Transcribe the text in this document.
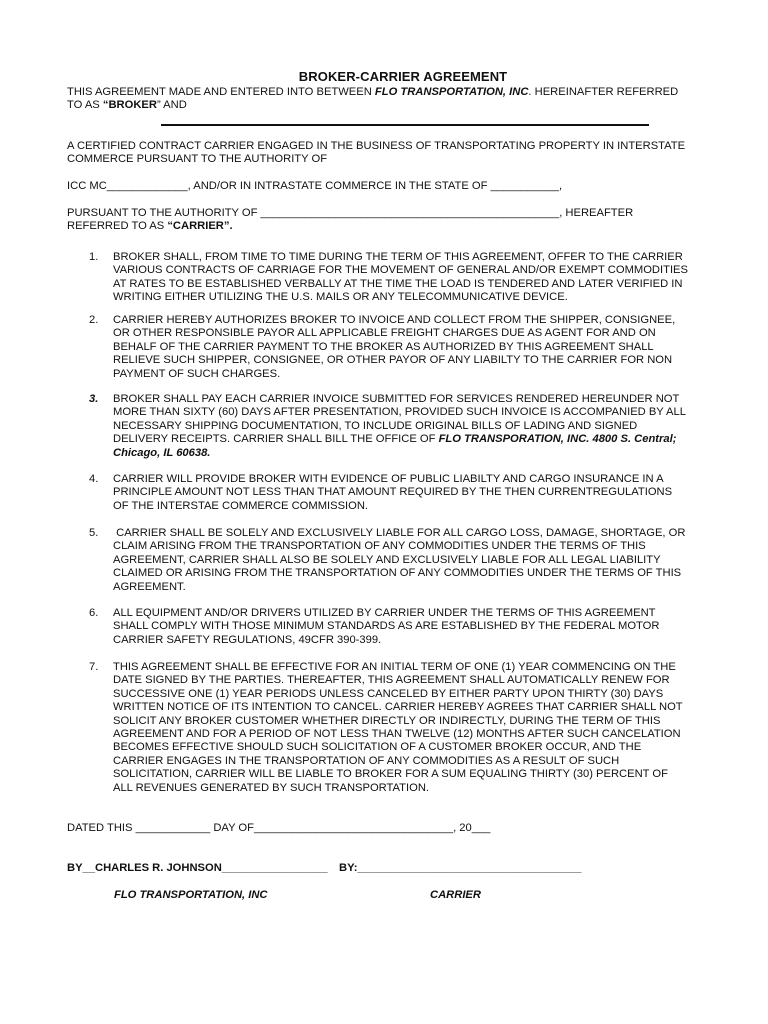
BROKER-CARRIER AGREEMENT
THIS AGREEMENT MADE AND ENTERED INTO BETWEEN FLO TRANSPORTATION, INC. HEREINAFTER REFERRED
TO AS “BROKER” AND
A CERTIFIED CONTRACT CARRIER ENGAGED IN THE BUSINESS OF TRANSPORTATING PROPERTY IN INTERSTATE
COMMERCE PURSUANT TO THE AUTHORITY OF
ICC MC_____________, AND/OR IN INTRASTATE COMMERCE IN THE STATE OF ___________,
PURSUANT TO THE AUTHORITY OF ________________________________________________, HEREAFTER
REFERRED TO AS “CARRIER”.
1.	BROKER SHALL, FROM TIME TO TIME DURING THE TERM OF THIS AGREEMENT, OFFER TO THE CARRIER
VARIOUS CONTRACTS OF CARRIAGE FOR THE MOVEMENT OF GENERAL AND/OR EXEMPT COMMODITIES
AT RATES TO BE ESTABLISHED VERBALLY AT THE TIME THE LOAD IS TENDERED AND LATER VERIFIED IN
WRITING EITHER UTILIZING THE U.S. MAILS OR ANY TELECOMMUNICATIVE DEVICE.
2.	CARRIER HEREBY AUTHORIZES BROKER TO INVOICE AND COLLECT FROM THE SHIPPER, CONSIGNEE,
OR OTHER RESPONSIBLE PAYOR ALL APPLICABLE FREIGHT CHARGES DUE AS AGENT FOR AND ON
BEHALF OF THE CARRIER PAYMENT TO THE BROKER AS AUTHORIZED BY THIS AGREEMENT SHALL
RELIEVE SUCH SHIPPER, CONSIGNEE, OR OTHER PAYOR OF ANY LIABILTY TO THE CARRIER FOR NON
PAYMENT OF SUCH CHARGES.
3.	BROKER SHALL PAY EACH CARRIER INVOICE SUBMITTED FOR SERVICES RENDERED HEREUNDER NOT
MORE THAN SIXTY (60) DAYS AFTER PRESENTATION, PROVIDED SUCH INVOICE IS ACCOMPANIED BY ALL
NECESSARY SHIPPING DOCUMENTATION, TO INCLUDE ORIGINAL BILLS OF LADING AND SIGNED
DELIVERY RECEIPTS. CARRIER SHALL BILL THE OFFICE OF FLO TRANSPORATION, INC. 4800 S. Central;
Chicago, IL 60638.
4.	CARRIER WILL PROVIDE BROKER WITH EVIDENCE OF PUBLIC LIABILTY AND CARGO INSURANCE IN A
PRINCIPLE AMOUNT NOT LESS THAN THAT AMOUNT REQUIRED BY THE THEN CURRENTREGULATIONS
OF THE INTERSTAE COMMERCE COMMISSION.
5.	CARRIER SHALL BE SOLELY AND EXCLUSIVELY LIABLE FOR ALL CARGO LOSS, DAMAGE, SHORTAGE, OR
CLAIM ARISING FROM THE TRANSPORTATION OF ANY COMMODITIES UNDER THE TERMS OF THIS
AGREEMENT, CARRIER SHALL ALSO BE SOLELY AND EXCLUSIVELY LIABLE FOR ALL LEGAL LIABILITY
CLAIMED OR ARISING FROM THE TRANSPORTATION OF ANY COMMODITIES UNDER THE TERMS OF THIS
AGREEMENT.
6.	ALL EQUIPMENT AND/OR DRIVERS UTILIZED BY CARRIER UNDER THE TERMS OF THIS AGREEMENT
SHALL COMPLY WITH THOSE MINIMUM STANDARDS AS ARE ESTABLISHED BY THE FEDERAL MOTOR
CARRIER SAFETY REGULATIONS, 49CFR 390-399.
7.	THIS AGREEMENT SHALL BE EFFECTIVE FOR AN INITIAL TERM OF ONE (1) YEAR COMMENCING ON THE
DATE SIGNED BY THE PARTIES. THEREAFTER, THIS AGREEMENT SHALL AUTOMATICALLY RENEW FOR
SUCCESSIVE ONE (1) YEAR PERIODS UNLESS CANCELED BY EITHER PARTY UPON THIRTY (30) DAYS
WRITTEN NOTICE OF ITS INTENTION TO CANCEL. CARRIER HEREBY AGREES THAT CARRIER SHALL NOT
SOLICIT ANY BROKER CUSTOMER WHETHER DIRECTLY OR INDIRECTLY, DURING THE TERM OF THIS
AGREEMENT AND FOR A PERIOD OF NOT LESS THAN TWELVE (12) MONTHS AFTER SUCH CANCELATION
BECOMES EFFECTIVE SHOULD SUCH SOLICITATION OF A CUSTOMER BROKER OCCUR, AND THE
CARRIER ENGAGES IN THE TRANSPORTATION OF ANY COMMODITIES AS A RESULT OF SUCH
SOLICITATION, CARRIER WILL BE LIABLE TO BROKER FOR A SUM EQUALING THIRTY (30) PERCENT OF
ALL REVENUES GENERATED BY SUCH TRANSPORTATION.
DATED THIS ____________ DAY OF________________________________, 20___
BY__CHARLES R. JOHNSON_________________ BY:____________________________________
FLO TRANSPORTATION, INC	CARRIER
